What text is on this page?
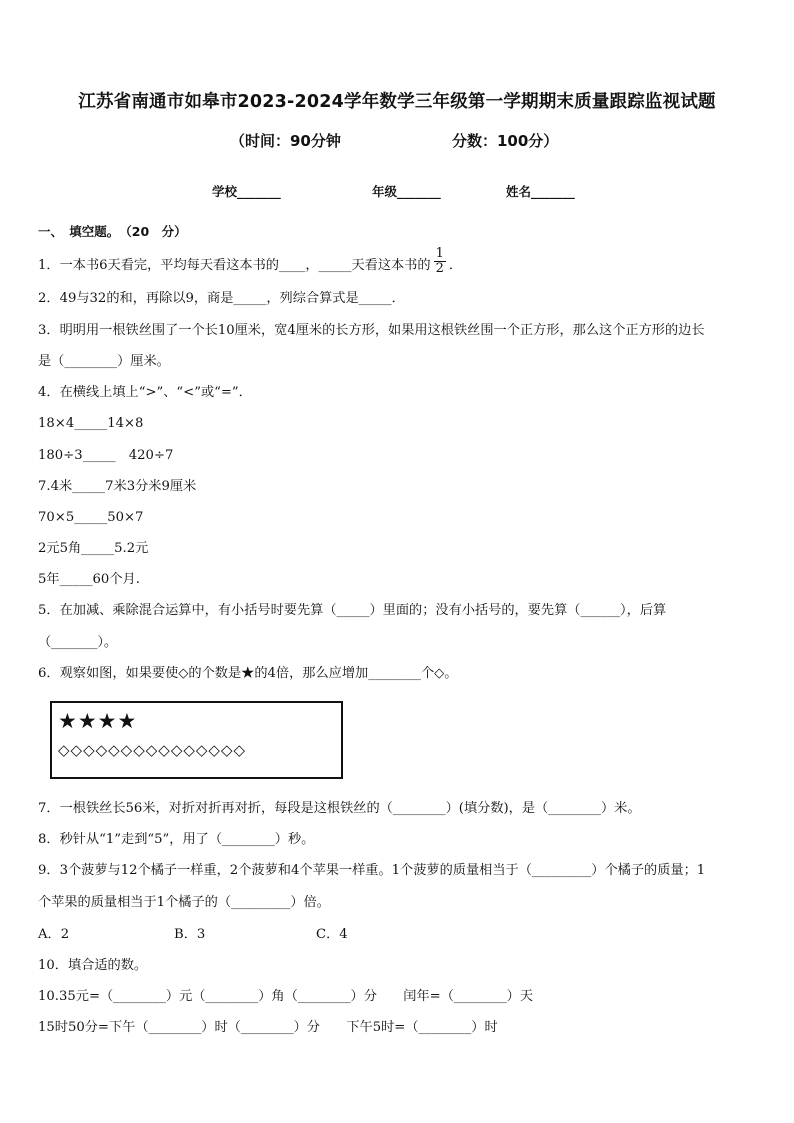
江苏省南通市如皋市2023-2024学年数学三年级第一学期期末质量跟踪监视试题
（时间：90分钟	分数：100分）
学校_______	年级_______	姓名_______
一、　填空题。　（20　分）
1．一本书6天看完，平均每天看这本书的____，_____天看这本书的 $\frac{1}{2}$ ．
2．49与32的和，再除以9，商是_____，列综合算式是_____．
3．明明用一根铁丝围了一个长10厘米，宽4厘米的长方形，如果用这根铁丝围一个正方形，那么这个正方形的边长
是（________）厘米。
4．在横线上填上“>”、“<”或“=”．
18×4_____14×8
180÷3_____　420÷7
7.4米_____7米3分米9厘米
70×5_____50×7
2元5角_____5.2元
5年_____60个月.
5．在加减、乘除混合运算中，有小括号时要先算（_____）里面的；没有小括号的，要先算（______），后算
（_______）。
6．观察如图，如果要使◇的个数是★的4倍，那么应增加________个◇。
★★★★
◇◇◇◇◇◇◇◇◇◇◇◇◇◇◇
7．一根铁丝长56米，对折对折再对折，每段是这根铁丝的（________）(填分数)，是（________）米。
8．秒针从“1”走到“5”，用了（________）秒。
9．3个菠萝与12个橘子一样重，2个菠萝和4个苹果一样重。1个菠萝的质量相当于（_________）个橘子的质量；1
个苹果的质量相当于1个橘子的（_________）倍。
A．2	B．3	C．4
10．填合适的数。
10.35元=（________）元（________）角（________）分　　闰年=（________）天
15时50分=下午（________）时（________）分　　下午5时=（________）时
